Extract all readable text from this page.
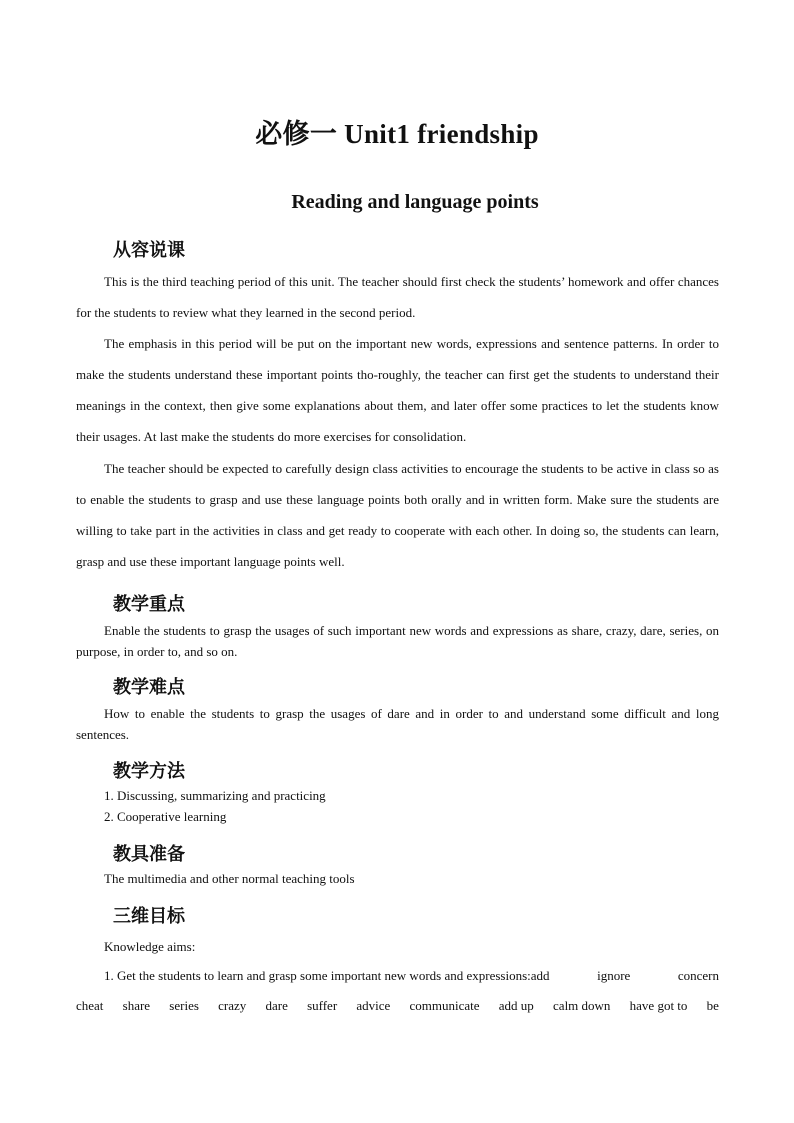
必修一 Unit1 friendship
Reading and language points
从容说课

This is the third teaching period of this unit. The teacher should first check the students’ homework and offer chances for the students to review what they learned in the second period.

The emphasis in this period will be put on the important new words, expressions and sentence patterns. In order to make the students understand these important points tho-roughly, the teacher can first get the students to understand their meanings in the context, then give some explanations about them, and later offer some practices to let the students know their usages. At last make the students do more exercises for consolidation.

The teacher should be expected to carefully design class activities to encourage the students to be active in class so as to enable the students to grasp and use these language points both orally and in written form. Make sure the students are willing to take part in the activities in class and get ready to cooperate with each other. In doing so, the students can learn, grasp and use these important language points well.

教学重点

Enable the students to grasp the usages of such important new words and expressions as share, crazy, dare, series, on purpose, in order to, and so on.

教学难点

How to enable the students to grasp the usages of dare and in order to and understand some difficult and long sentences.

教学方法
1. Discussing, summarizing and practicing
2. Cooperative learning
教具准备
The multimedia and other normal teaching tools
三维目标
Knowledge aims:
1. Get the students to learn and grasp some important new words and expressions:add	ignore	concern
cheat share series crazy dare suffer advice communicate add up calm down have got to be
